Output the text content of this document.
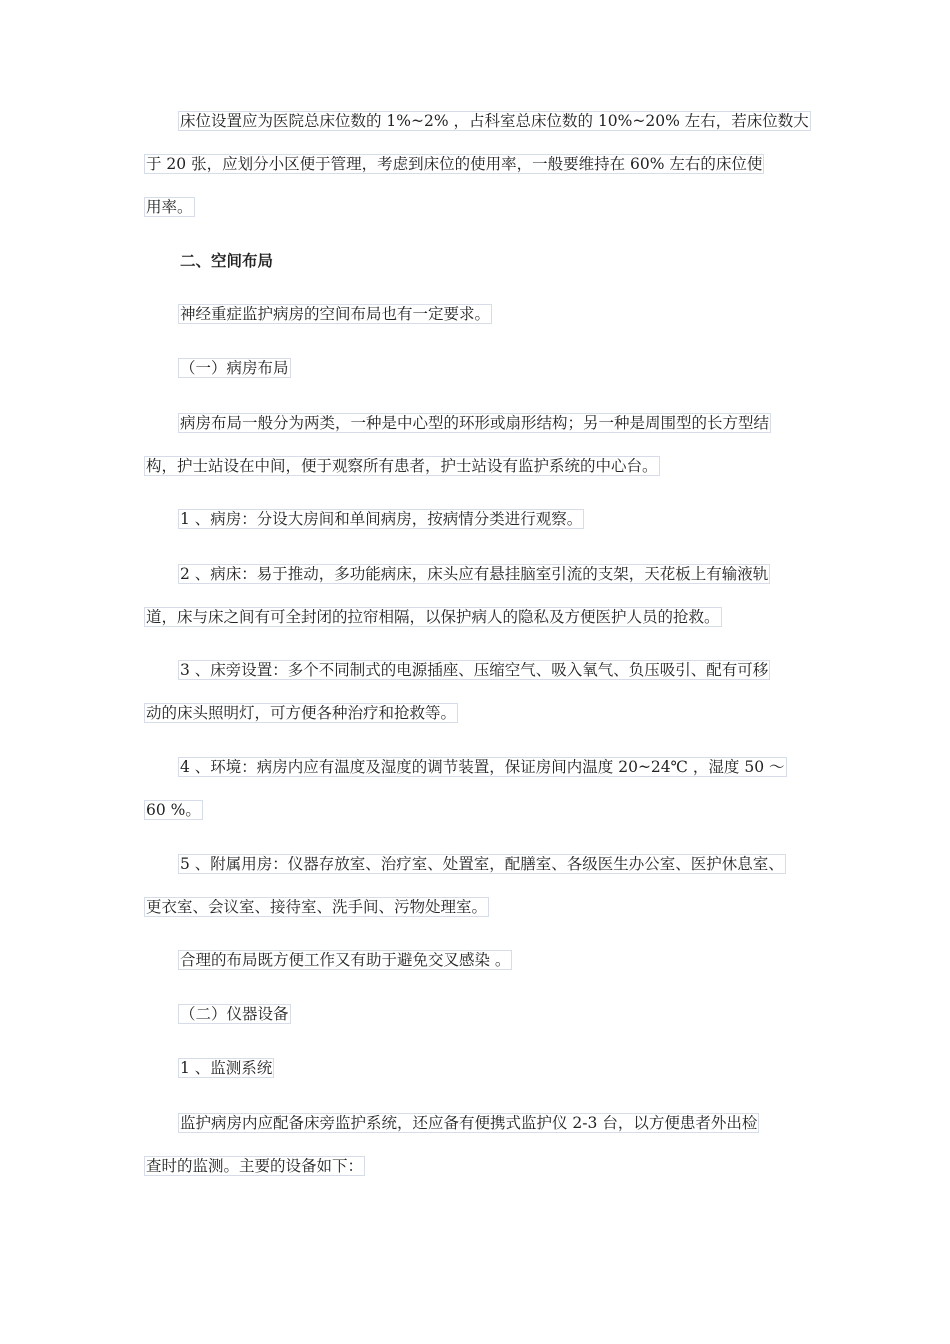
床位设置应为医院总床位数的 1%~2% ，占科室总床位数的 10%~20% 左右，若床位数大
于 20 张，应划分小区便于管理，考虑到床位的使用率，一般要维持在 60% 左右的床位使
用率。
二、空间布局
神经重症监护病房的空间布局也有一定要求。
（一）病房布局
病房布局一般分为两类，一种是中心型的环形或扇形结构；另一种是周围型的长方型结
构，护士站设在中间，便于观察所有患者，护士站设有监护系统的中心台。
1 、病房：分设大房间和单间病房，按病情分类进行观察。
2 、病床：易于推动，多功能病床，床头应有悬挂脑室引流的支架，天花板上有输液轨
道，床与床之间有可全封闭的拉帘相隔，以保护病人的隐私及方便医护人员的抢救。
3 、床旁设置：多个不同制式的电源插座、压缩空气、吸入氧气、负压吸引、配有可移
动的床头照明灯，可方便各种治疗和抢救等。
4 、环境：病房内应有温度及湿度的调节装置，保证房间内温度 20~24℃ ，湿度 50 ～
60 %。
5 、附属用房：仪器存放室、治疗室、处置室，配膳室、各级医生办公室、医护休息室、
更衣室、会议室、接待室、洗手间、污物处理室。
合理的布局既方便工作又有助于避免交叉感染 。
（二）仪器设备
1 、监测系统
监护病房内应配备床旁监护系统，还应备有便携式监护仪 2-3 台，以方便患者外出检
查时的监测。主要的设备如下：
